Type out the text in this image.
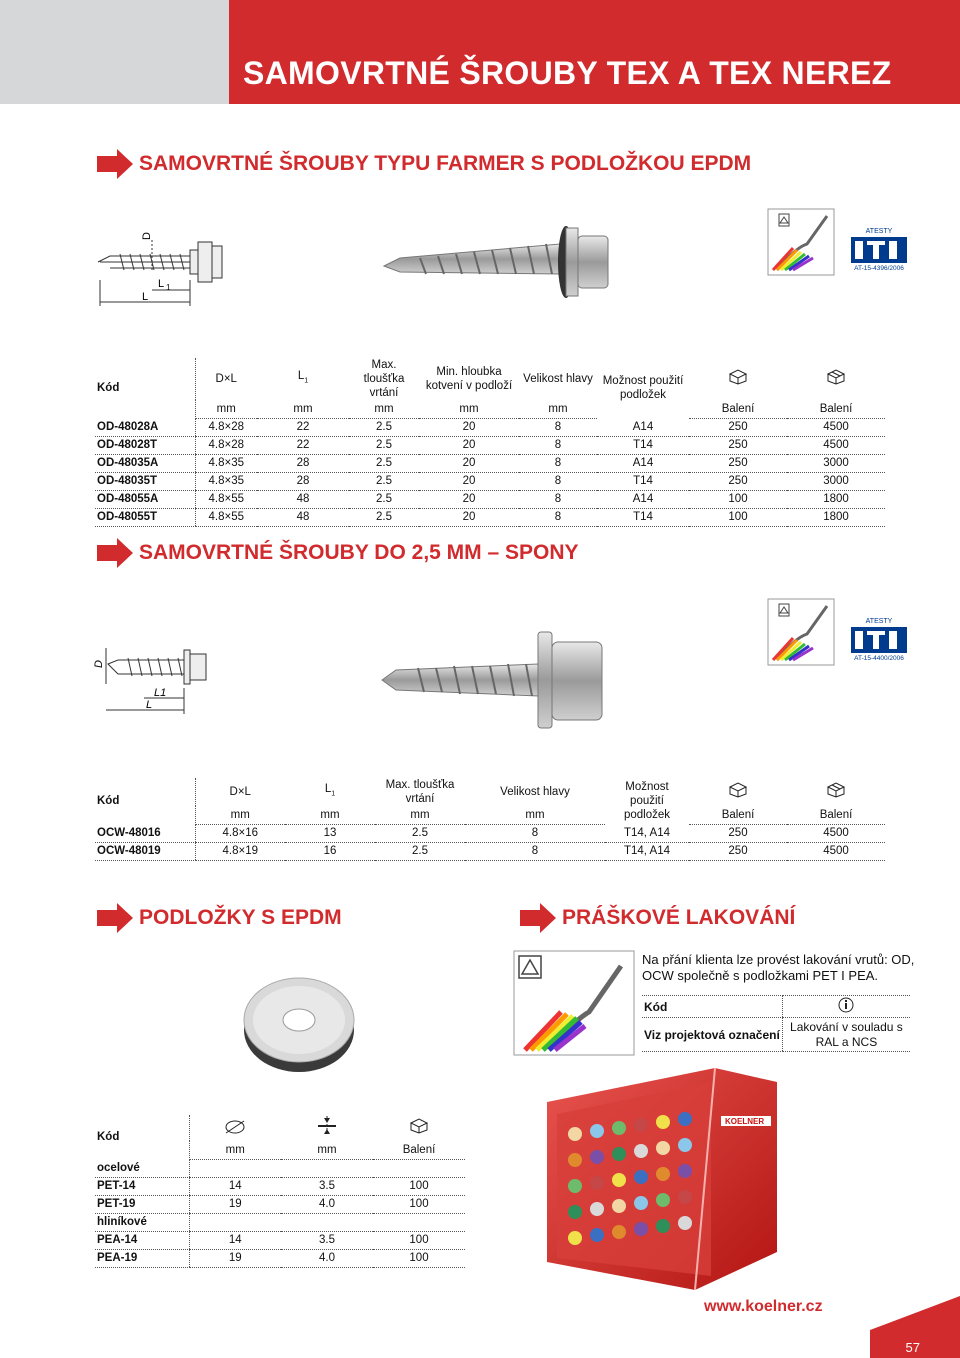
SAMOVRTNÉ ŠROUBY TEX A TEX NEREZ
SAMOVRTNÉ ŠROUBY TYPU FARMER S PODLOŽKOU EPDM
D
L 1
L
ATESTY
AT-15-4396/2006
Kód	D×L	$L_1$	Max. tloušťka vrtání	Min. hloubka kotvení v podloží	Velikost hlavy	Možnost použití podložek		
	mm	mm	mm	mm	mm		Balení	Balení
OD-48028A	4.8×28	22	2.5	20	8	A14	250	4500
OD-48028T	4.8×28	22	2.5	20	8	T14	250	4500
OD-48035A	4.8×35	28	2.5	20	8	A14	250	3000
OD-48035T	4.8×35	28	2.5	20	8	T14	250	3000
OD-48055A	4.8×55	48	2.5	20	8	A14	100	1800
OD-48055T	4.8×55	48	2.5	20	8	T14	100	1800
SAMOVRTNÉ ŠROUBY DO 2,5 MM – SPONY
D
L1
L
ATESTY
AT-15-4400/2006
Kód	D×L	$L_1$	Max. tloušťka vrtání	Velikost hlavy	Možnost použití podložek		
	mm	mm	mm	mm		Balení	Balení
OCW-48016	4.8×16	13	2.5	8	T14, A14	250	4500
OCW-48019	4.8×19	16	2.5	8	T14, A14	250	4500
PODLOŽKY S EPDM
Kód			
	mm	mm	Balení
ocelové			
PET-14	14	3.5	100
PET-19	19	4.0	100
hliníkové			
PEA-14	14	3.5	100
PEA-19	19	4.0	100
PRÁŠKOVÉ LAKOVÁNÍ
Na přání klienta lze provést lakování vrutů: OD, OCW společně s podložkami PET I PEA.
Kód	
Viz projektová označení	Lakování v souladu s RAL a NCS
KOELNER
www.koelner.cz
57
